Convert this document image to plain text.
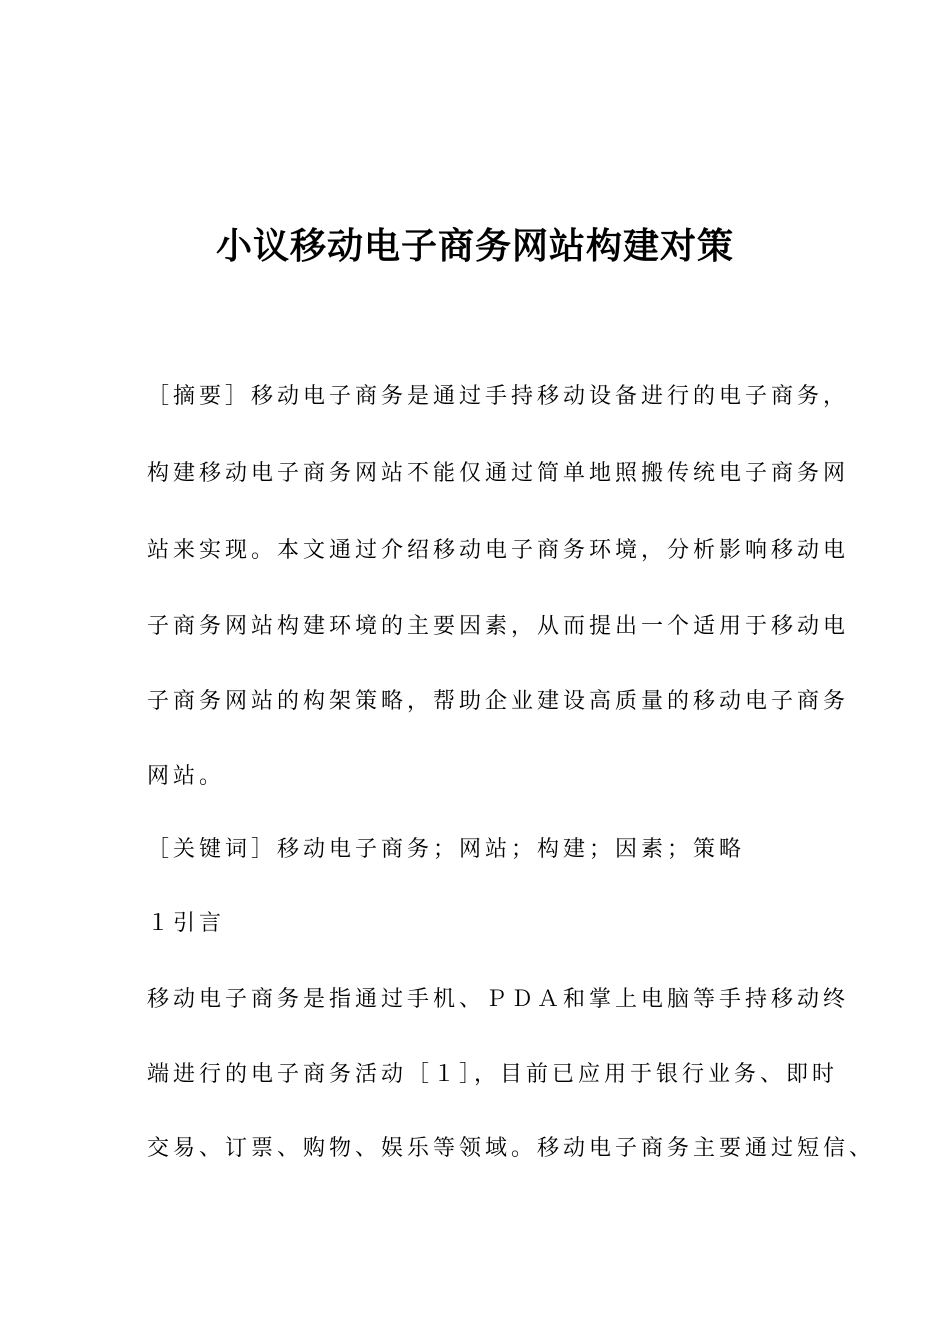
小议移动电子商务网站构建对策
［摘要］移动电子商务是通过手持移动设备进行的电子商务，
构建移动电子商务网站不能仅通过简单地照搬传统电子商务网
站来实现。本文通过介绍移动电子商务环境，分析影响移动电
子商务网站构建环境的主要因素，从而提出一个适用于移动电
子商务网站的构架策略，帮助企业建设高质量的移动电子商务
网站。
［关键词］移动电子商务；网站；构建；因素；策略
１引言
移动电子商务是指通过手机、ＰＤＡ和掌上电脑等手持移动终
端进行的电子商务活动［１］，目前已应用于银行业务、即时
交易、订票、购物、娱乐等领域。移动电子商务主要通过短信、
